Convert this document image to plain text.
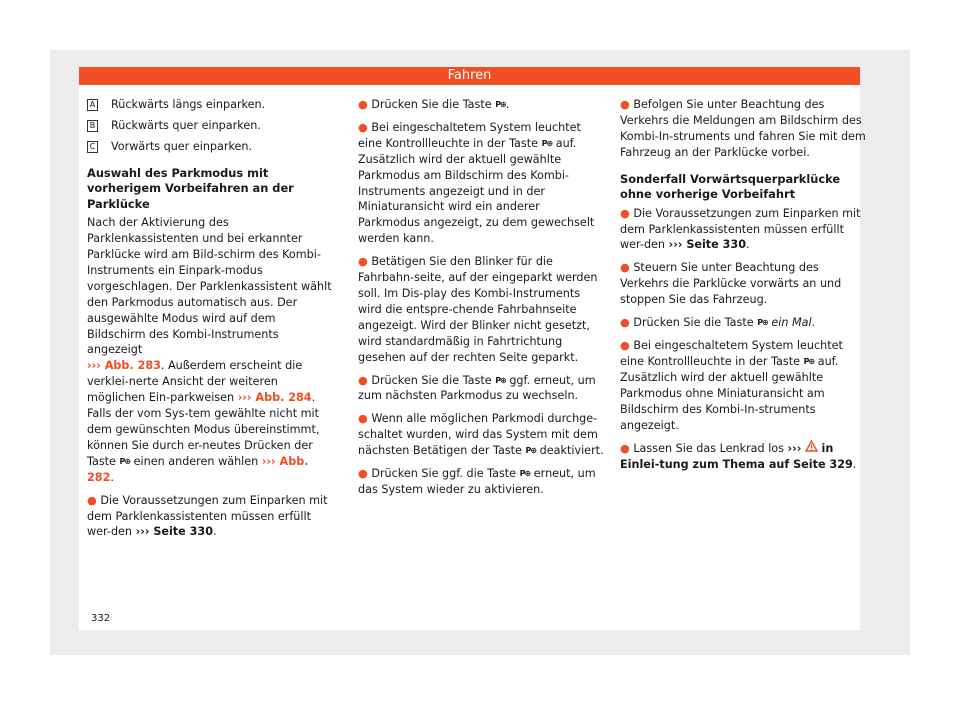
Fahren
A Rückwärts längs einparken.
B Rückwärts quer einparken.
C Vorwärts quer einparken.
Auswahl des Parkmodus mit vorherigem Vorbeifahren an der Parklücke

Nach der Aktivierung des Parklenkassistenten und bei erkannter Parklücke wird am Bild-schirm des Kombi-Instruments ein Einpark-modus vorgeschlagen. Der Parklenkassistent wählt den Parkmodus automatisch aus. Der ausgewählte Modus wird auf dem Bildschirm des Kombi-Instruments angezeigt
››› Abb. 283. Außerdem erscheint die verklei-nerte Ansicht der weiteren möglichen Ein-parkweisen ››› Abb. 284. Falls der vom Sys-tem gewählte nicht mit dem gewünschten Modus übereinstimmt, können Sie durch er-neutes Drücken der Taste P⊕ einen anderen wählen ››› Abb. 282.

● Die Voraussetzungen zum Einparken mit dem Parklenkassistenten müssen erfüllt wer-den ››› Seite 330.

● Drücken Sie die Taste P⊕.

● Bei eingeschaltetem System leuchtet eine Kontrollleuchte in der Taste P⊕ auf. Zusätzlich wird der aktuell gewählte Parkmodus am Bildschirm des Kombi-Instruments angezeigt und in der Miniaturansicht wird ein anderer Parkmodus angezeigt, zu dem gewechselt werden kann.

● Betätigen Sie den Blinker für die Fahrbahn-seite, auf der eingeparkt werden soll. Im Dis-play des Kombi-Instruments wird die entspre-chende Fahrbahnseite angezeigt. Wird der Blinker nicht gesetzt, wird standardmäßig in Fahrtrichtung gesehen auf der rechten Seite geparkt.

● Drücken Sie die Taste P⊕ ggf. erneut, um zum nächsten Parkmodus zu wechseln.

● Wenn alle möglichen Parkmodi durchge-schaltet wurden, wird das System mit dem nächsten Betätigen der Taste P⊕ deaktiviert.

● Drücken Sie ggf. die Taste P⊕ erneut, um das System wieder zu aktivieren.

● Befolgen Sie unter Beachtung des Verkehrs die Meldungen am Bildschirm des Kombi-In-struments und fahren Sie mit dem Fahrzeug an der Parklücke vorbei.

Sonderfall Vorwärtsquerparklücke ohne vorherige Vorbeifahrt

● Die Voraussetzungen zum Einparken mit dem Parklenkassistenten müssen erfüllt wer-den ››› Seite 330.

● Steuern Sie unter Beachtung des Verkehrs die Parklücke vorwärts an und stoppen Sie das Fahrzeug.

● Drücken Sie die Taste P⊕ ein Mal.

● Bei eingeschaltetem System leuchtet eine Kontrollleuchte in der Taste P⊕ auf. Zusätzlich wird der aktuell gewählte Parkmodus ohne Miniaturansicht am Bildschirm des Kombi-In-struments angezeigt.

● Lassen Sie das Lenkrad los ››› in Einlei-tung zum Thema auf Seite 329.

332
